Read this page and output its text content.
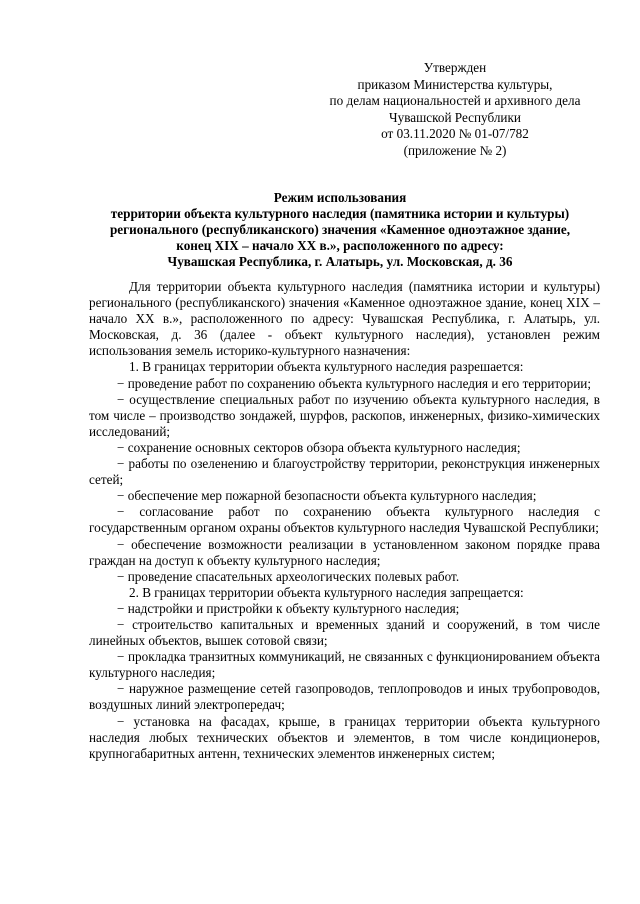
Утвержден
приказом Министерства культуры,
по делам национальностей и архивного дела
Чувашской Республики
от 03.11.2020 № 01-07/782
(приложение № 2)
Режим использования
территории объекта культурного наследия (памятника истории и культуры)
регионального (республиканского) значения «Каменное одноэтажное здание,
конец XIX – начало XX в.», расположенного по адресу:
Чувашская Республика, г. Алатырь, ул. Московская, д. 36

Для территории объекта культурного наследия (памятника истории и культуры) регионального (республиканского) значения «Каменное одноэтажное здание, конец XIX – начало XX в.», расположенного по адресу: Чувашская Республика, г. Алатырь, ул. Московская, д. 36 (далее - объект культурного наследия), установлен режим использования земель историко-культурного назначения:

1. В границах территории объекта культурного наследия разрешается:

− проведение работ по сохранению объекта культурного наследия и его территории;

− осуществление специальных работ по изучению объекта культурного наследия, в том числе – производство зондажей, шурфов, раскопов, инженерных, физико-химических исследований;

− сохранение основных секторов обзора объекта культурного наследия;

− работы по озеленению и благоустройству территории, реконструкция инженерных сетей;

− обеспечение мер пожарной безопасности объекта культурного наследия;

− согласование работ по сохранению объекта культурного наследия с государственным органом охраны объектов культурного наследия Чувашской Республики;

− обеспечение возможности реализации в установленном законом порядке права граждан на доступ к объекту культурного наследия;

− проведение спасательных археологических полевых работ.

2. В границах территории объекта культурного наследия запрещается:

− надстройки и пристройки к объекту культурного наследия;

− строительство капитальных и временных зданий и сооружений, в том числе линейных объектов, вышек сотовой связи;

− прокладка транзитных коммуникаций, не связанных с функционированием объекта культурного наследия;

− наружное размещение сетей газопроводов, теплопроводов и иных трубопроводов, воздушных линий электропередач;

− установка на фасадах, крыше, в границах территории объекта культурного наследия любых технических объектов и элементов, в том числе кондиционеров, крупногабаритных антенн, технических элементов инженерных систем;
